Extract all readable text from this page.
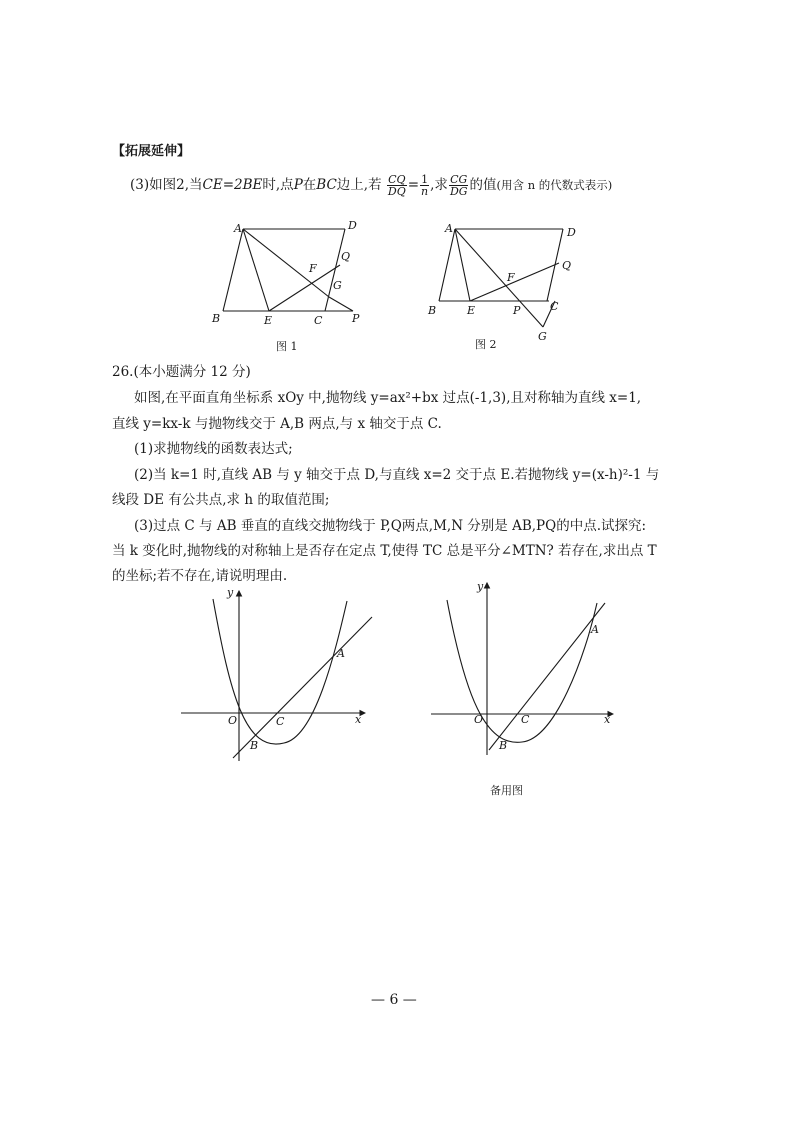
【拓展延伸】
(3)如图2,当CE=2BE时,点P在BC边上,若 $\frac{CQ}{DQ} = \frac{1}{n}$ ,求 $\frac{CG}{DG}$ 的值(用含 n 的代数式表示)
A	D
Q
F
G
B	E	C	P
图 1
A	D
Q
F
B	E	P	C
G
图 2
26.(本小题满分 12 分)
如图,在平面直角坐标系 xOy 中,抛物线 y=ax²+bx 过点(-1,3),且对称轴为直线 x=1,
直线 y=kx-k 与抛物线交于 A,B 两点,与 x 轴交于点 C.
(1)求抛物线的函数表达式;
(2)当 k=1 时,直线 AB 与 y 轴交于点 D,与直线 x=2 交于点 E.若抛物线 y=(x-h)²-1 与
线段 DE 有公共点,求 h 的取值范围;
(3)过点 C 与 AB 垂直的直线交抛物线于 P,Q两点,M,N 分别是 AB,PQ的中点.试探究:
当 k 变化时,抛物线的对称轴上是否存在定点 T,使得 TC 总是平分∠MTN? 若存在,求出点 T
的坐标;若不存在,请说明理由.
y
x
O	C
A
B
y
x
O	C
A
B
备用图
— 6 —
